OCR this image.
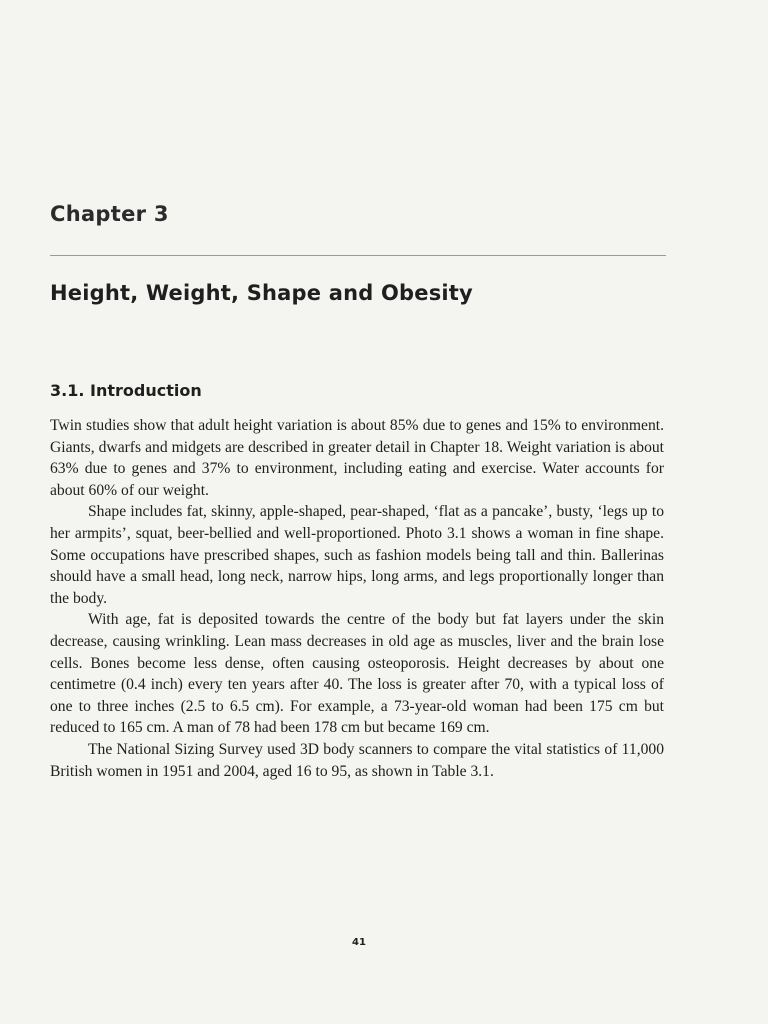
Chapter 3
Height, Weight, Shape and Obesity
3.1. Introduction

Twin studies show that adult height variation is about 85% due to genes and 15% to environment. Giants, dwarfs and midgets are described in greater detail in Chapter 18. Weight variation is about 63% due to genes and 37% to environment, including eating and exercise. Water accounts for about 60% of our weight.

Shape includes fat, skinny, apple-shaped, pear-shaped, ‘flat as a pancake’, busty, ‘legs up to her armpits’, squat, beer-bellied and well-proportioned. Photo 3.1 shows a woman in fine shape. Some occupations have prescribed shapes, such as fashion models being tall and thin. Ballerinas should have a small head, long neck, narrow hips, long arms, and legs proportionally longer than the body.

With age, fat is deposited towards the centre of the body but fat layers under the skin decrease, causing wrinkling. Lean mass decreases in old age as muscles, liver and the brain lose cells. Bones become less dense, often causing osteoporosis. Height decreases by about one centimetre (0.4 inch) every ten years after 40. The loss is greater after 70, with a typical loss of one to three inches (2.5 to 6.5 cm). For example, a 73-year-old woman had been 175 cm but reduced to 165 cm. A man of 78 had been 178 cm but became 169 cm.

The National Sizing Survey used 3D body scanners to compare the vital statistics of 11,000 British women in 1951 and 2004, aged 16 to 95, as shown in Table 3.1.

41
